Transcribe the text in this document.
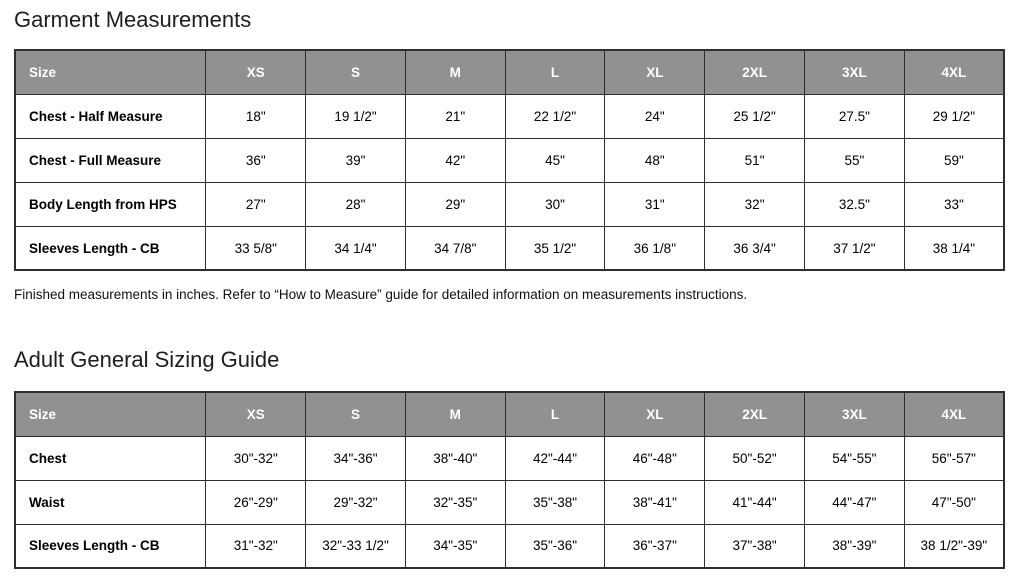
Garment Measurements
Size	XS	S	M	L	XL	2XL	3XL	4XL
Chest - Half Measure	18"	19 1/2"	21"	22 1/2"	24"	25 1/2"	27.5"	29 1/2"
Chest - Full Measure	36"	39"	42"	45"	48"	51"	55"	59"
Body Length from HPS	27"	28"	29"	30"	31"	32"	32.5"	33"
Sleeves Length - CB	33 5/8"	34 1/4"	34 7/8"	35 1/2"	36 1/8"	36 3/4"	37 1/2"	38 1/4"

Finished measurements in inches. Refer to “How to Measure” guide for detailed information on measurements instructions.

Adult General Sizing Guide
Size	XS	S	M	L	XL	2XL	3XL	4XL
Chest	30"-32"	34"-36"	38"-40"	42"-44"	46"-48"	50"-52"	54"-55"	56"-57"
Waist	26"-29"	29"-32"	32"-35"	35"-38"	38"-41"	41"-44"	44"-47"	47"-50"
Sleeves Length - CB	31"-32"	32"-33 1/2"	34"-35"	35"-36"	36"-37"	37"-38"	38"-39"	38 1/2"-39"
